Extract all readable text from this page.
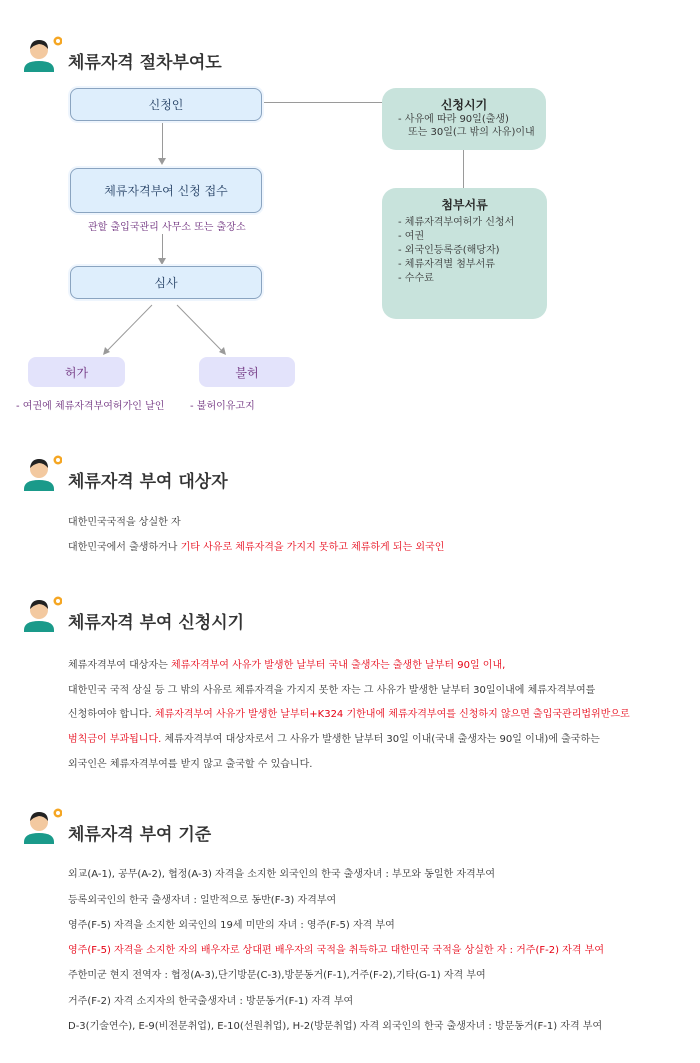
체류자격 절차부여도
신청인
체류자격부여 신청 접수
관할 출입국관리 사무소 또는 출장소
심사
허가
- 여권에 체류자격부여허가인 날인
불허
- 불허이유고지
신청시기
- 사유에 따라 90일(출생)
또는 30일(그 밖의 사유)이내
첨부서류
- 체류자격부여허가 신청서
- 여권
- 외국인등록증(해당자)
- 체류자격별 첨부서류
- 수수료
체류자격 부여 대상자
대한민국국적을 상실한 자
대한민국에서 출생하거나 기타 사유로 체류자격을 가지지 못하고 체류하게 되는 외국인
체류자격 부여 신청시기
체류자격부여 대상자는 체류자격부여 사유가 발생한 날부터 국내 출생자는 출생한 날부터 90일 이내,
대한민국 국적 상실 등 그 밖의 사유로 체류자격을 가지지 못한 자는 그 사유가 발생한 날부터 30일이내에 체류자격부여를
신청하여야 합니다. 체류자격부여 사유가 발생한 날부터+K324 기한내에 체류자격부여를 신청하지 않으면 출입국관리법위반으로
범칙금이 부과됩니다. 체류자격부여 대상자로서 그 사유가 발생한 날부터 30일 이내(국내 출생자는 90일 이내)에 출국하는
외국인은 체류자격부여를 받지 않고 출국할 수 있습니다.
체류자격 부여 기준
외교(A-1), 공무(A-2), 협정(A-3) 자격을 소지한 외국인의 한국 출생자녀 : 부모와 동일한 자격부여
등록외국인의 한국 출생자녀 : 일반적으로 동반(F-3) 자격부여
영주(F-5) 자격을 소지한 외국인의 19세 미만의 자녀 : 영주(F-5) 자격 부여
영주(F-5) 자격을 소지한 자의 배우자로 상대편 배우자의 국적을 취득하고 대한민국 국적을 상실한 자 : 거주(F-2) 자격 부여
주한미군 현지 전역자 : 협정(A-3),단기방문(C-3),방문동거(F-1),거주(F-2),기타(G-1) 자격 부여
거주(F-2) 자격 소지자의 한국출생자녀 : 방문동거(F-1) 자격 부여
D-3(기술연수), E-9(비전문취업), E-10(선원취업), H-2(방문취업) 자격 외국인의 한국 출생자녀 : 방문동거(F-1) 자격 부여
